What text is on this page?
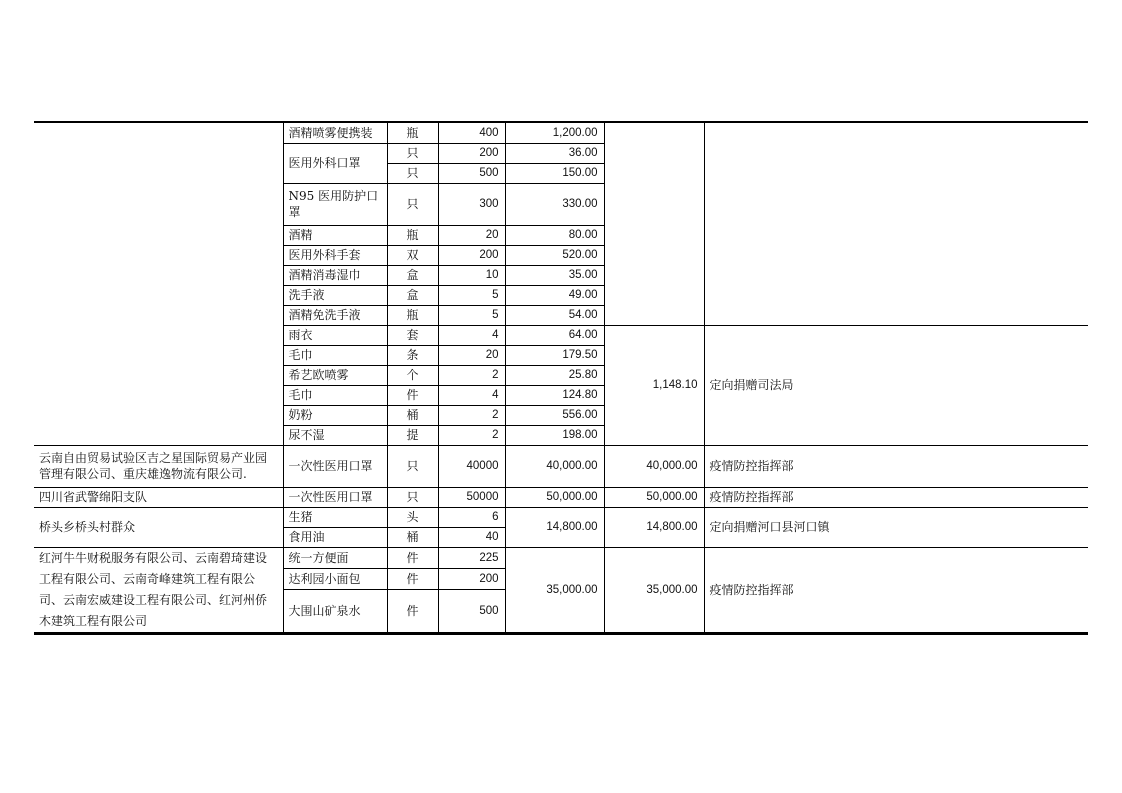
	酒精喷雾便携装	瓶	400	1,200.00		
	医用外科口罩	只	200	36.00		
		只	500	150.00		
	N95 医用防护口罩	只	300	330.00		
	酒精	瓶	20	80.00		
	医用外科手套	双	200	520.00		
	酒精消毒湿巾	盒	10	35.00		
	洗手液	盒	5	49.00		
	酒精免洗手液	瓶	5	54.00		
	雨衣	套	4	64.00	1,148.10	定向捐赠司法局
	毛巾	条	20	179.50		
	希艺欧喷雾	个	2	25.80		
	毛巾	件	4	124.80		
	奶粉	桶	2	556.00		
	尿不湿	提	2	198.00		
云南自由贸易试验区吉之星国际贸易产业园管理有限公司、重庆雄逸物流有限公司.	一次性医用口罩	只	40000	40,000.00	40,000.00	疫情防控指挥部
四川省武警绵阳支队	一次性医用口罩	只	50000	50,000.00	50,000.00	疫情防控指挥部
桥头乡桥头村群众	生猪	头	6	14,800.00	14,800.00	定向捐赠河口县河口镇
	食用油	桶	40			
红河牛牛财税服务有限公司、云南碧琦建设工程有限公司、云南奇峰建筑工程有限公司、云南宏威建设工程有限公司、红河州侨木建筑工程有限公司	统一方便面	件	225	35,000.00	35,000.00	疫情防控指挥部
	达利园小面包	件	200			
	大围山矿泉水	件	500			
